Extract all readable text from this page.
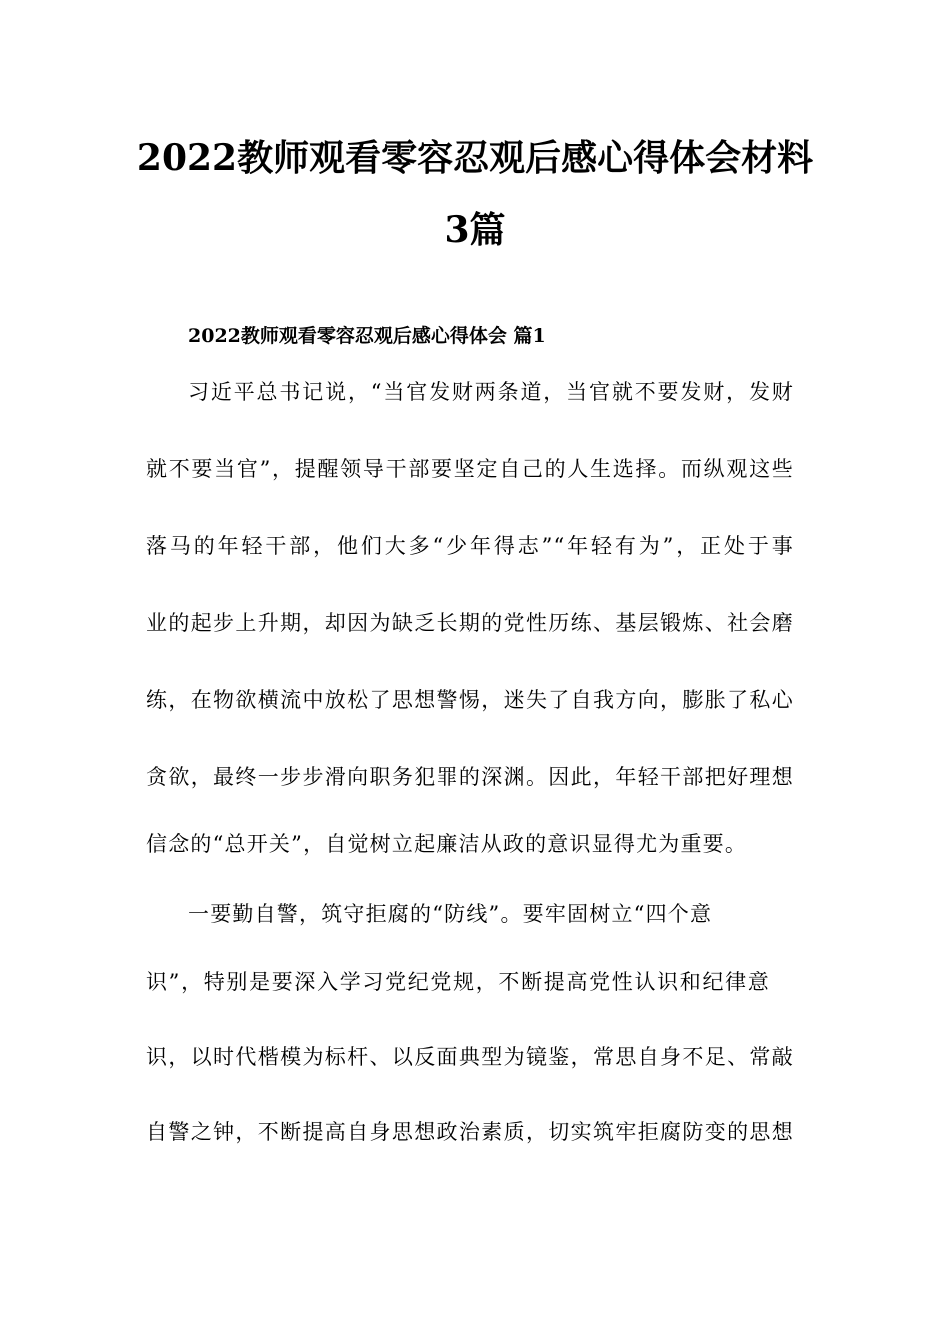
2022教师观看零容忍观后感心得体会材料
3篇
2022教师观看零容忍观后感心得体会 篇1
习近平总书记说，“当官发财两条道，当官就不要发财，发财
就不要当官”，提醒领导干部要坚定自己的人生选择。而纵观这些
落马的年轻干部，他们大多“少年得志”“年轻有为”，正处于事
业的起步上升期，却因为缺乏长期的党性历练、基层锻炼、社会磨
练，在物欲横流中放松了思想警惕，迷失了自我方向，膨胀了私心
贪欲，最终一步步滑向职务犯罪的深渊。因此，年轻干部把好理想
信念的“总开关”，自觉树立起廉洁从政的意识显得尤为重要。
一要勤自警，筑守拒腐的“防线”。要牢固树立“四个意
识”，特别是要深入学习党纪党规，不断提高党性认识和纪律意
识，以时代楷模为标杆、以反面典型为镜鉴，常思自身不足、常敲
自警之钟，不断提高自身思想政治素质，切实筑牢拒腐防变的思想
